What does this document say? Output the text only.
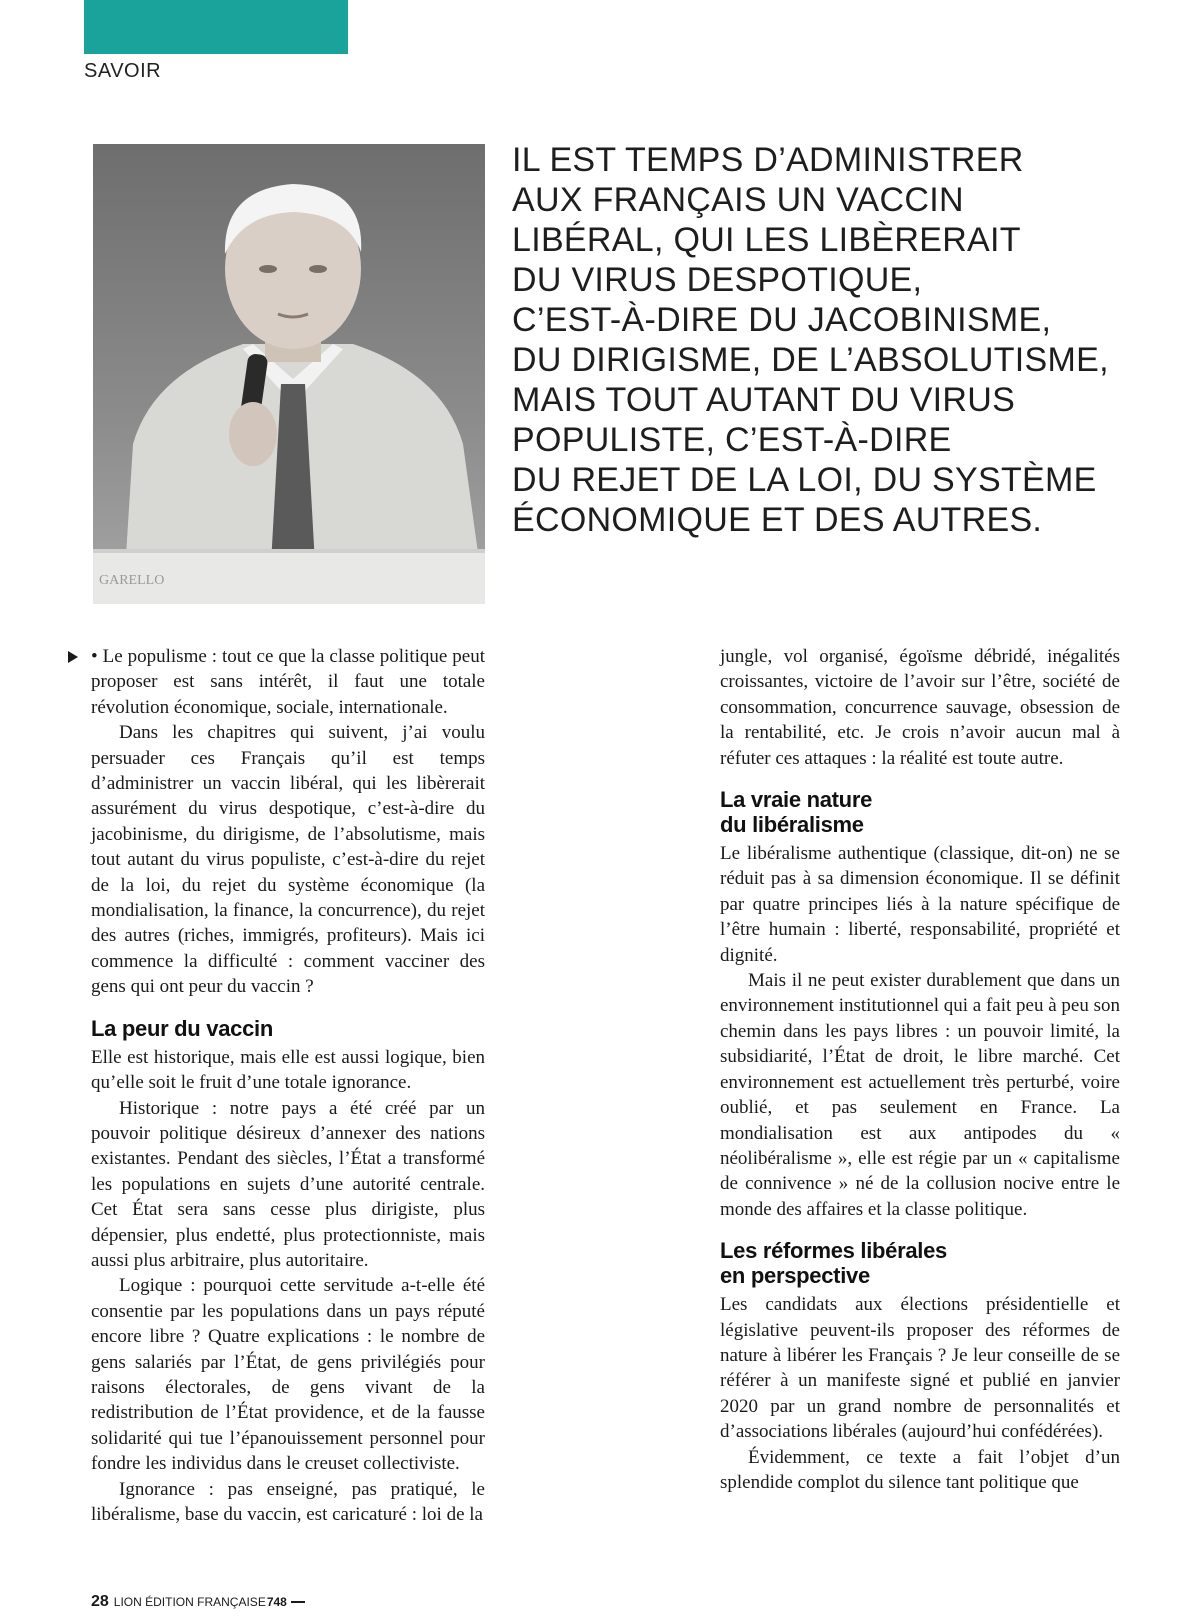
SAVOIR
GARELLO
IL EST TEMPS D’ADMINISTRER
AUX FRANÇAIS UN VACCIN
LIBÉRAL, QUI LES LIBÈRERAIT
DU VIRUS DESPOTIQUE,
C’EST-À-DIRE DU JACOBINISME,
DU DIRIGISME, DE L’ABSOLUTISME,
MAIS TOUT AUTANT DU VIRUS
POPULISTE, C’EST-À-DIRE
DU REJET DE LA LOI, DU SYSTÈME
ÉCONOMIQUE ET DES AUTRES.

• Le populisme : tout ce que la classe politique peut proposer est sans intérêt, il faut une totale révolution économique, sociale, internationale.

Dans les chapitres qui suivent, j’ai voulu persuader ces Français qu’il est temps d’administrer un vaccin libéral, qui les libèrerait assurément du virus despotique, c’est-à-dire du jacobinisme, du dirigisme, de l’absolutisme, mais tout autant du virus populiste, c’est-à-dire du rejet de la loi, du rejet du système économique (la mondialisation, la finance, la concurrence), du rejet des autres (riches, immigrés, profiteurs). Mais ici commence la difficulté : comment vacciner des gens qui ont peur du vaccin ?

La peur du vaccin

Elle est historique, mais elle est aussi logique, bien qu’elle soit le fruit d’une totale ignorance.

Historique : notre pays a été créé par un pouvoir politique désireux d’annexer des nations existantes. Pendant des siècles, l’État a transformé les populations en sujets d’une autorité centrale. Cet État sera sans cesse plus dirigiste, plus dépensier, plus endetté, plus protectionniste, mais aussi plus arbitraire, plus autoritaire.

Logique : pourquoi cette servitude a-t-elle été consentie par les populations dans un pays réputé encore libre ? Quatre explications : le nombre de gens salariés par l’État, de gens privilégiés pour raisons électorales, de gens vivant de la redistribution de l’État providence, et de la fausse solidarité qui tue l’épanouissement personnel pour fondre les individus dans le creuset collectiviste.

Ignorance : pas enseigné, pas pratiqué, le libéralisme, base du vaccin, est caricaturé : loi de la

jungle, vol organisé, égoïsme débridé, inégalités croissantes, victoire de l’avoir sur l’être, société de consommation, concurrence sauvage, obsession de la rentabilité, etc. Je crois n’avoir aucun mal à réfuter ces attaques : la réalité est toute autre.

La vraie nature
du libéralisme

Le libéralisme authentique (classique, dit-on) ne se réduit pas à sa dimension économique. Il se définit par quatre principes liés à la nature spécifique de l’être humain : liberté, responsabilité, propriété et dignité.

Mais il ne peut exister durablement que dans un environnement institutionnel qui a fait peu à peu son chemin dans les pays libres : un pouvoir limité, la subsidiarité, l’État de droit, le libre marché. Cet environnement est actuellement très perturbé, voire oublié, et pas seulement en France. La mondialisation est aux antipodes du « néolibéralisme », elle est régie par un « capitalisme de connivence » né de la collusion nocive entre le monde des affaires et la classe politique.

Les réformes libérales
en perspective

Les candidats aux élections présidentielle et législative peuvent-ils proposer des réformes de nature à libérer les Français ? Je leur conseille de se référer à un manifeste signé et publié en janvier 2020 par un grand nombre de personnalités et d’associations libérales (aujourd’hui confédérées).

Évidemment, ce texte a fait l’objet d’un splendide complot du silence tant politique que

28 LION ÉDITION FRANÇAISE 748
